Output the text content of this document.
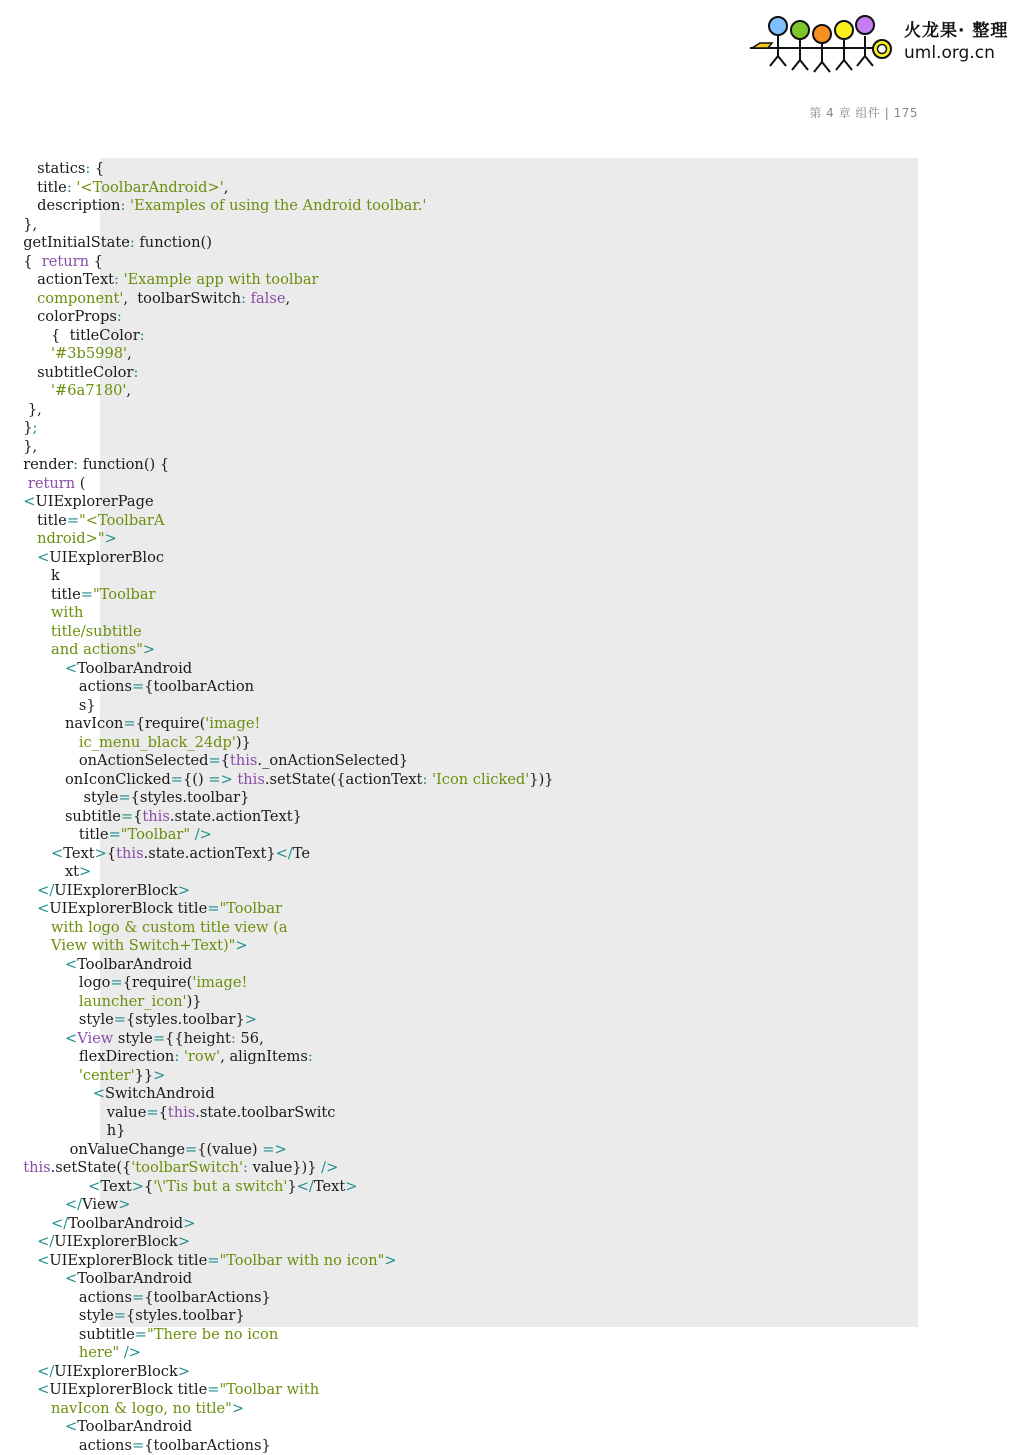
火龙果· 整理
uml.org.cn
第 4 章 组件 | 175
statics: {
title: '<ToolbarAndroid>',
description: 'Examples of using the Android toolbar.'
},
getInitialState: function()
{  return {
actionText: 'Example app with toolbar
component',  toolbarSwitch: false,
colorProps:
{  titleColor:
'#3b5998',
subtitleColor:
'#6a7180',
},
};
},
render: function() {
return (
<UIExplorerPage
title="<ToolbarA
ndroid>">
<UIExplorerBloc
k
title="Toolbar
with
title/subtitle
and actions">
<ToolbarAndroid
actions={toolbarAction
s}
navIcon={require('image!
ic_menu_black_24dp')}
onActionSelected={this._onActionSelected}
onIconClicked={() => this.setState({actionText: 'Icon clicked'})}
style={styles.toolbar}
subtitle={this.state.actionText}
title="Toolbar" />
<Text>{this.state.actionText}</Te
xt>
</UIExplorerBlock>
<UIExplorerBlock title="Toolbar
with logo & custom title view (a
View with Switch+Text)">
<ToolbarAndroid
logo={require('image!
launcher_icon')}
style={styles.toolbar}>
<View style={{height: 56,
flexDirection: 'row', alignItems:
'center'}}>
<SwitchAndroid
value={this.state.toolbarSwitc
h}
onValueChange={(value) =>
this.setState({'toolbarSwitch': value})} />
<Text>{'\'Tis but a switch'}</Text>
</View>
</ToolbarAndroid>
</UIExplorerBlock>
<UIExplorerBlock title="Toolbar with no icon">
<ToolbarAndroid
actions={toolbarActions}
style={styles.toolbar}
subtitle="There be no icon
here" />
</UIExplorerBlock>
<UIExplorerBlock title="Toolbar with
navIcon & logo, no title">
<ToolbarAndroid
actions={toolbarActions}
